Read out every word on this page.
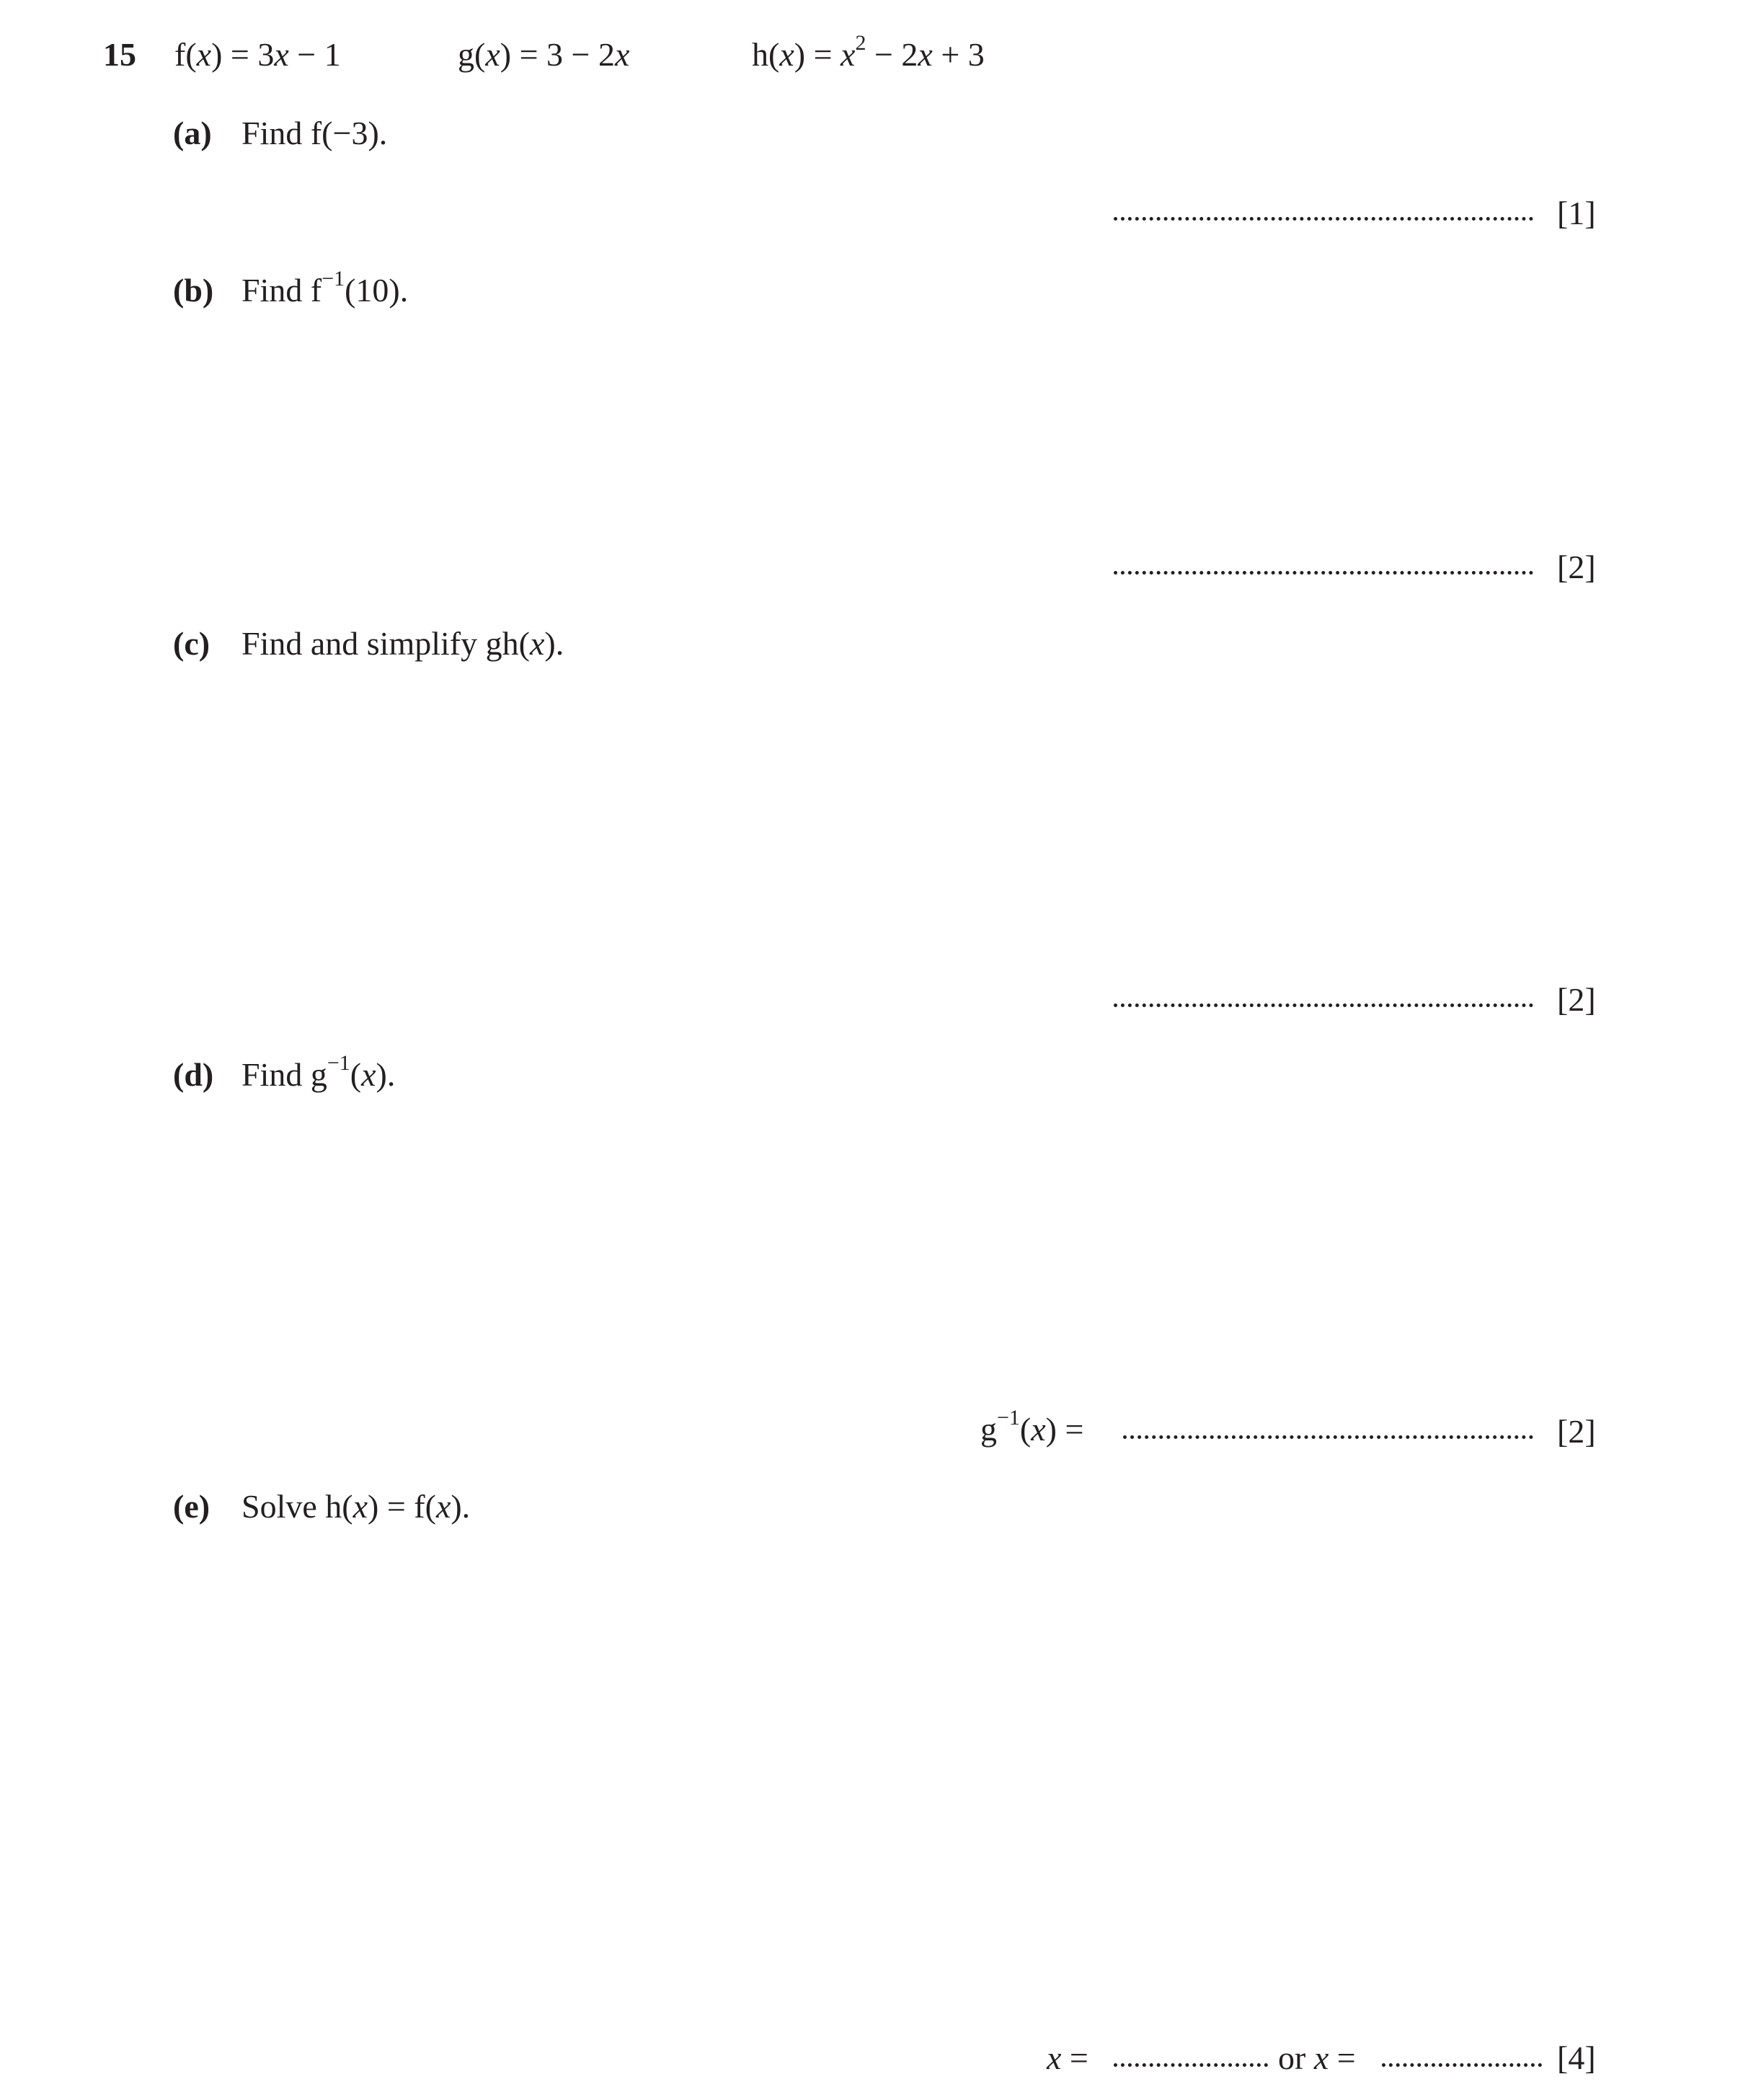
15 f(x) = 3x − 1	g(x) = 3 − 2x	$h(x) = x^2 - 2x + 3$
(a) Find f(−3).
[1]
(b) Find $f^{-1}(10)$.
[2]
(c) Find and simplify gh(x).
[2]
(d) Find $g^{-1}(x)$.
$g^{-1}(x)$ =	[2]
(e) Solve h(x) = f(x).
x =	or x =	[4]
